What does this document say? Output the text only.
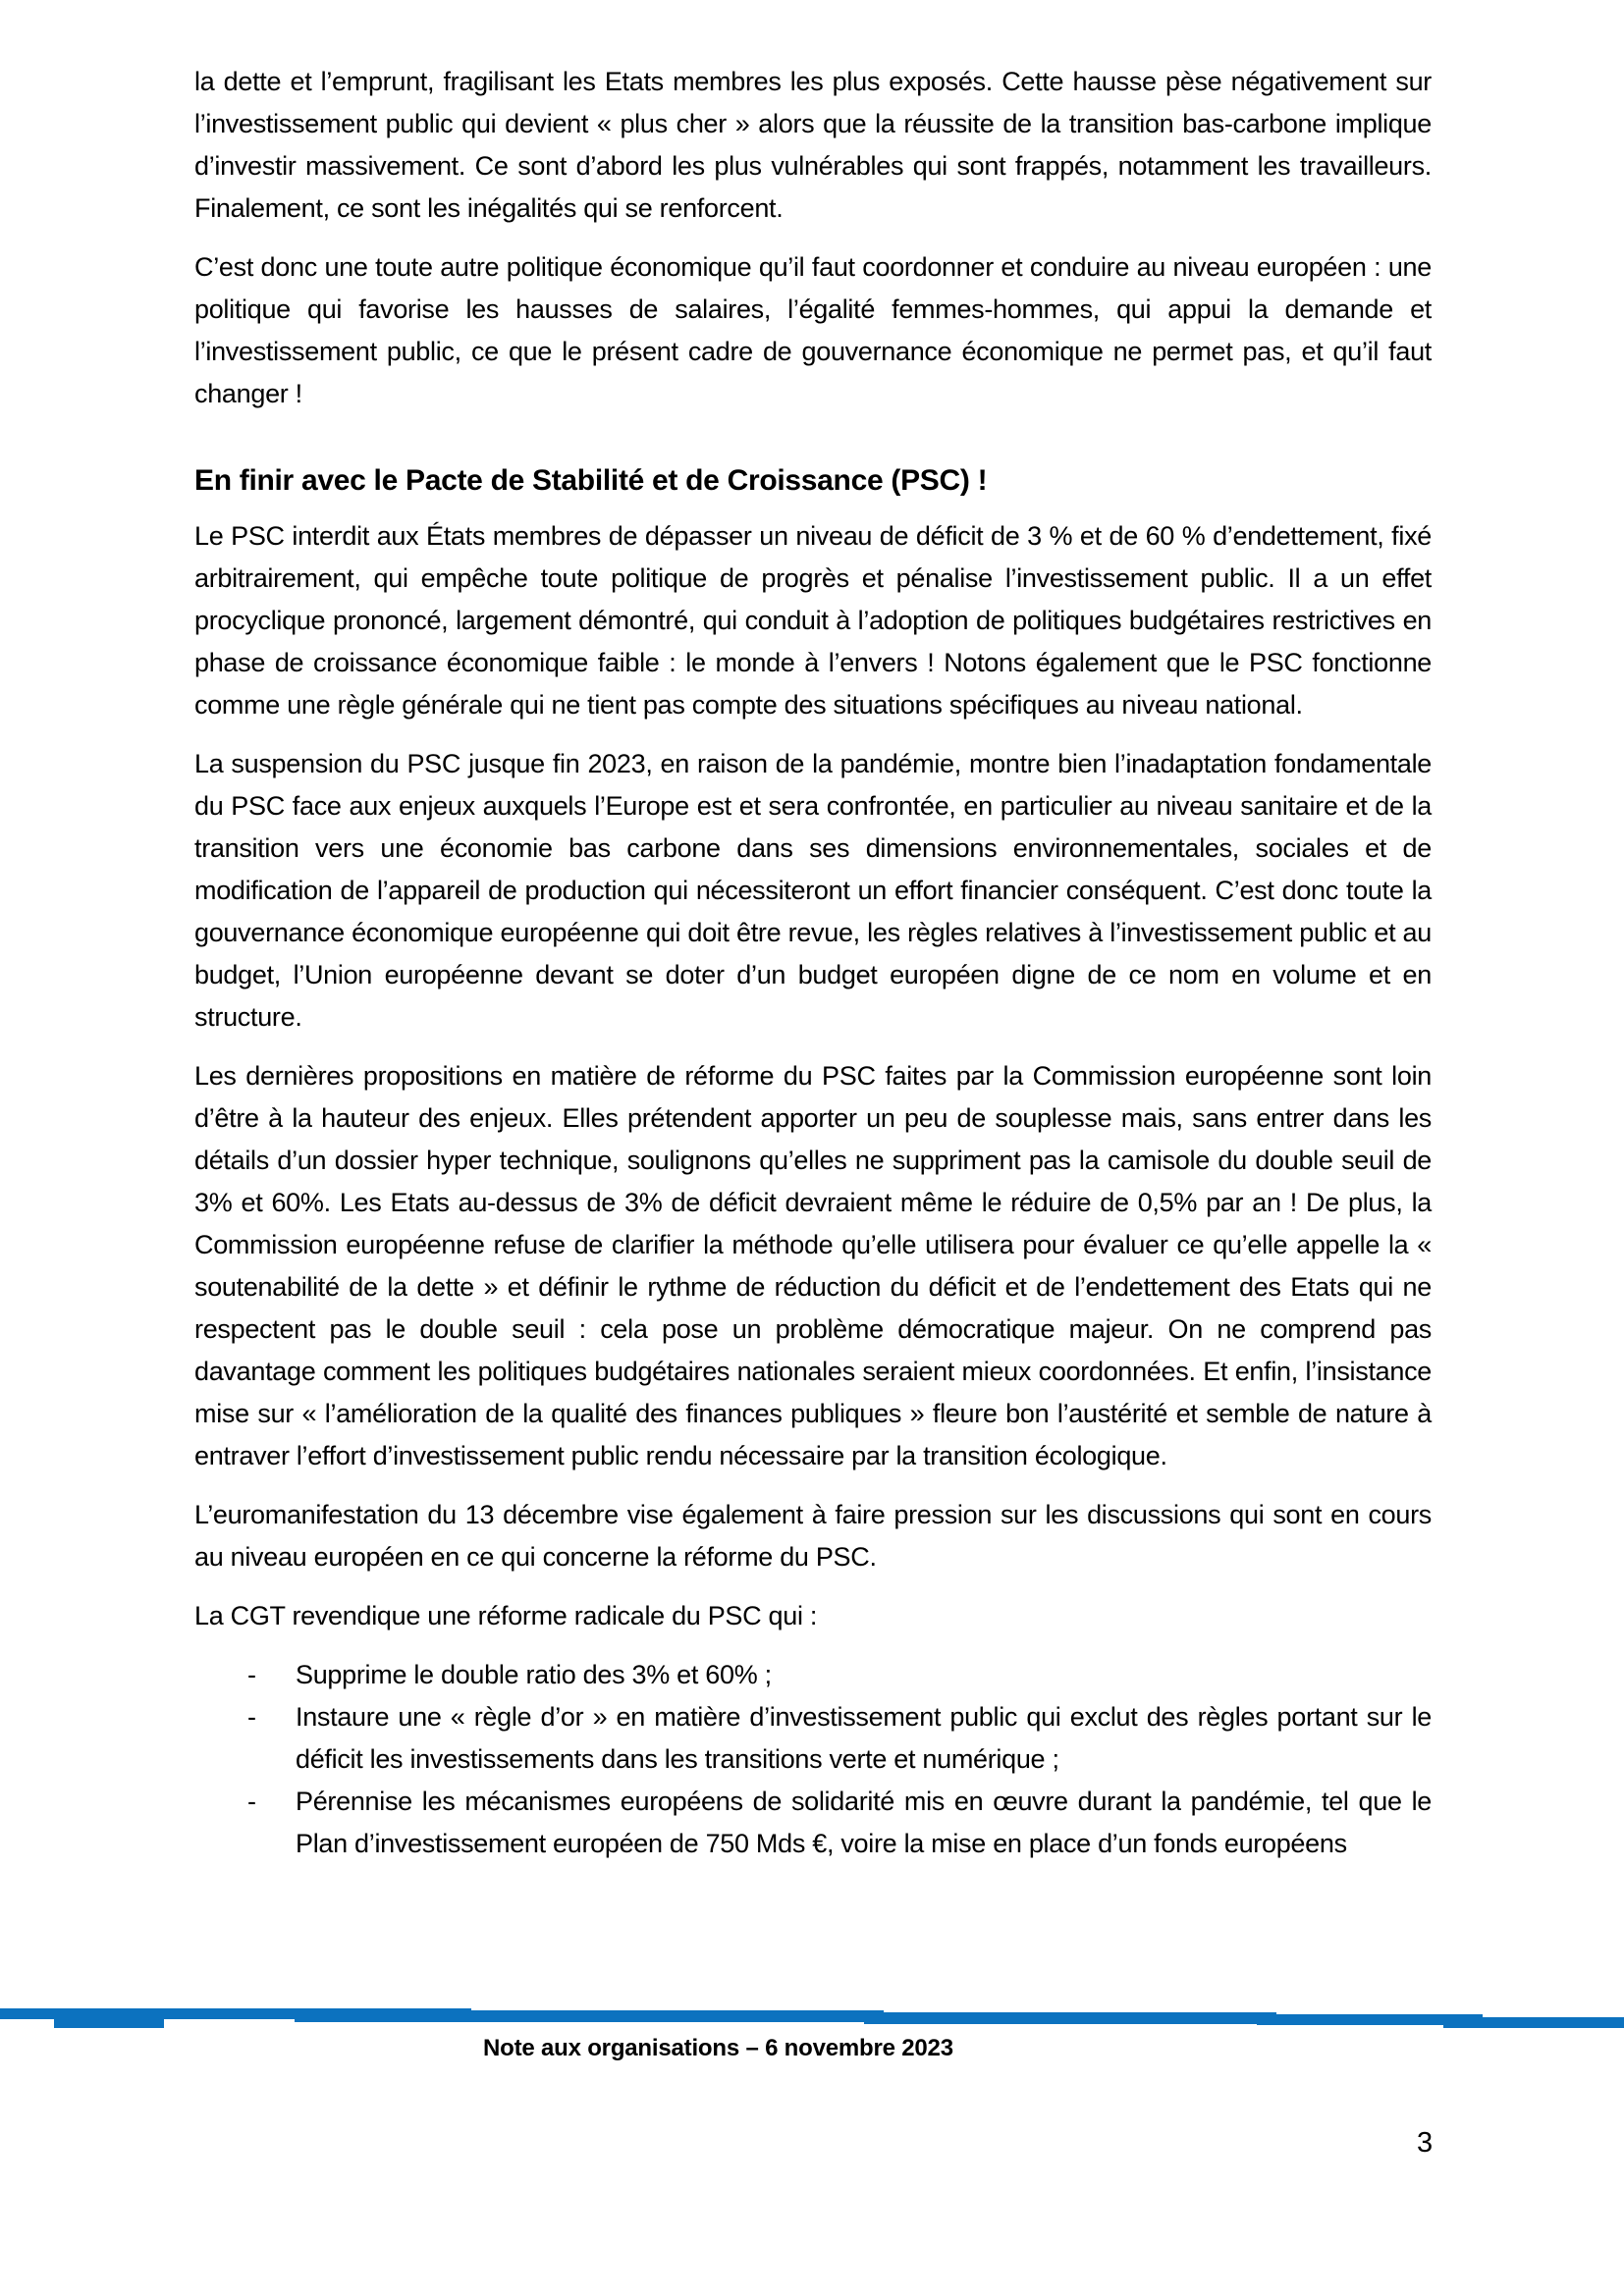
la dette et l’emprunt, fragilisant les Etats membres les plus exposés. Cette hausse pèse négativement sur l’investissement public qui devient « plus cher » alors que la réussite de la transition bas-carbone implique d’investir massivement. Ce sont d’abord les plus vulnérables qui sont frappés, notamment les travailleurs. Finalement, ce sont les inégalités qui se renforcent.

C’est donc une toute autre politique économique qu’il faut coordonner et conduire au niveau européen : une politique qui favorise les hausses de salaires, l’égalité femmes-hommes, qui appui la demande et l’investissement public, ce que le présent cadre de gouvernance économique ne permet pas, et qu’il faut changer !

En finir avec le Pacte de Stabilité et de Croissance (PSC) !

Le PSC interdit aux États membres de dépasser un niveau de déficit de 3 % et de 60 % d’endettement, fixé arbitrairement, qui empêche toute politique de progrès et pénalise l’investissement public. Il a un effet procyclique prononcé, largement démontré, qui conduit à l’adoption de politiques budgétaires restrictives en phase de croissance économique faible : le monde à l’envers ! Notons également que le PSC fonctionne comme une règle générale qui ne tient pas compte des situations spécifiques au niveau national.

La suspension du PSC jusque fin 2023, en raison de la pandémie, montre bien l’inadaptation fondamentale du PSC face aux enjeux auxquels l’Europe est et sera confrontée, en particulier au niveau sanitaire et de la transition vers une économie bas carbone dans ses dimensions environnementales, sociales et de modification de l’appareil de production qui nécessiteront un effort financier conséquent. C’est donc toute la gouvernance économique européenne qui doit être revue, les règles relatives à l’investissement public et au budget, l’Union européenne devant se doter d’un budget européen digne de ce nom en volume et en structure.

Les dernières propositions en matière de réforme du PSC faites par la Commission européenne sont loin d’être à la hauteur des enjeux. Elles prétendent apporter un peu de souplesse mais, sans entrer dans les détails d’un dossier hyper technique, soulignons qu’elles ne suppriment pas la camisole du double seuil de 3% et 60%. Les Etats au-dessus de 3% de déficit devraient même le réduire de 0,5% par an ! De plus, la Commission européenne refuse de clarifier la méthode qu’elle utilisera pour évaluer ce qu’elle appelle la « soutenabilité de la dette » et définir le rythme de réduction du déficit et de l’endettement des Etats qui ne respectent pas le double seuil : cela pose un problème démocratique majeur. On ne comprend pas davantage comment les politiques budgétaires nationales seraient mieux coordonnées. Et enfin, l’insistance mise sur « l’amélioration de la qualité des finances publiques » fleure bon l’austérité et semble de nature à entraver l’effort d’investissement public rendu nécessaire par la transition écologique.

L’euromanifestation du 13 décembre vise également à faire pression sur les discussions qui sont en cours au niveau européen en ce qui concerne la réforme du PSC.

La CGT revendique une réforme radicale du PSC qui :

- Supprime le double ratio des 3% et 60% ;
- Instaure une « règle d’or » en matière d’investissement public qui exclut des règles portant sur le déficit les investissements dans les transitions verte et numérique ;
- Pérennise les mécanismes européens de solidarité mis en œuvre durant la pandémie, tel que le Plan d’investissement européen de 750 Mds €, voire la mise en place d’un fonds européens
Note aux organisations – 6 novembre 2023
3
